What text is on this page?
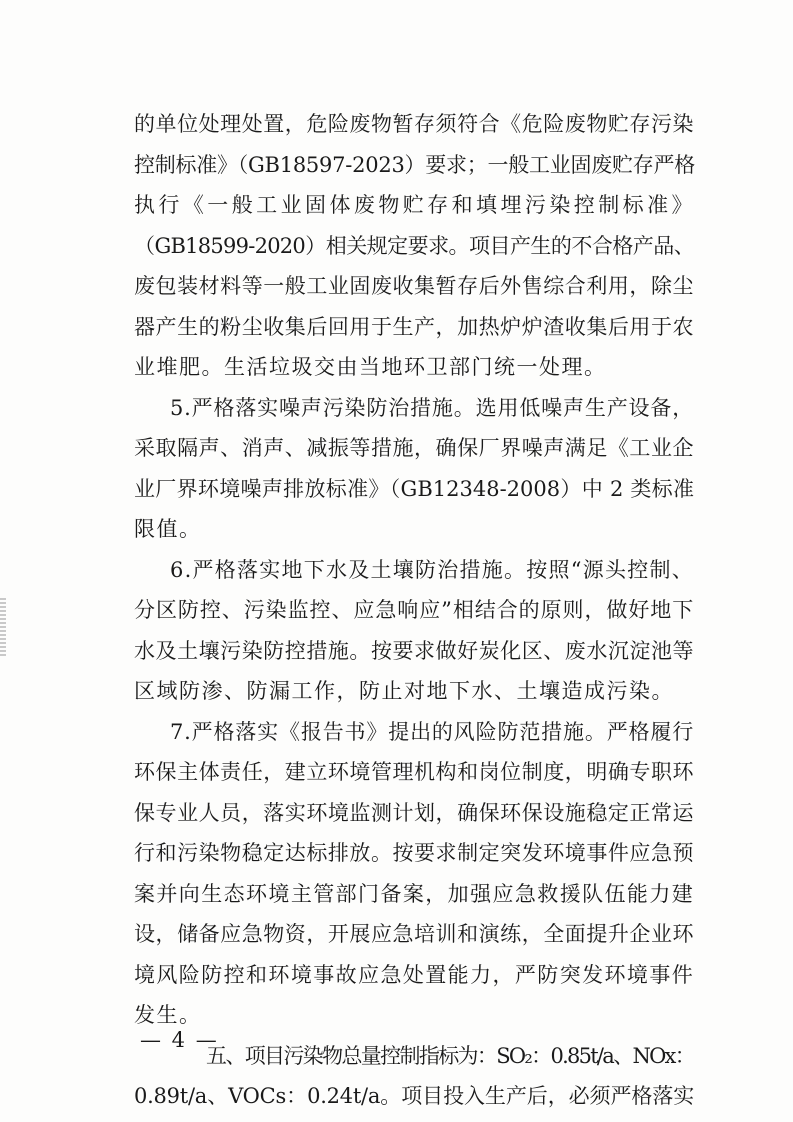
的单位处理处置，危险废物暂存须符合《危险废物贮存污染
控制标准》（GB18597-2023）要求；一般工业固废贮存严格
执行《一般工业固体废物贮存和填埋污染控制标准》
（GB18599-2020）相关规定要求。项目产生的不合格产品、
废包装材料等一般工业固废收集暂存后外售综合利用，除尘
器产生的粉尘收集后回用于生产，加热炉炉渣收集后用于农
业堆肥。生活垃圾交由当地环卫部门统一处理。
5.严格落实噪声污染防治措施。选用低噪声生产设备，
采取隔声、消声、减振等措施，确保厂界噪声满足《工业企
业厂界环境噪声排放标准》（GB12348-2008）中 2 类标准
限值。
6.严格落实地下水及土壤防治措施。按照“源头控制、
分区防控、污染监控、应急响应”相结合的原则，做好地下
水及土壤污染防控措施。按要求做好炭化区、废水沉淀池等
区域防渗、防漏工作，防止对地下水、土壤造成污染。
7.严格落实《报告书》提出的风险防范措施。严格履行
环保主体责任，建立环境管理机构和岗位制度，明确专职环
保专业人员，落实环境监测计划，确保环保设施稳定正常运
行和污染物稳定达标排放。按要求制定突发环境事件应急预
案并向生态环境主管部门备案，加强应急救援队伍能力建
设，储备应急物资，开展应急培训和演练，全面提升企业环
境风险防控和环境事故应急处置能力，严防突发环境事件
发生。
五、项目污染物总量控制指标为：SO₂：0.85t/a、NOx：
0.89t/a、VOCs：0.24t/a。项目投入生产后，必须严格落实
— 4 —
